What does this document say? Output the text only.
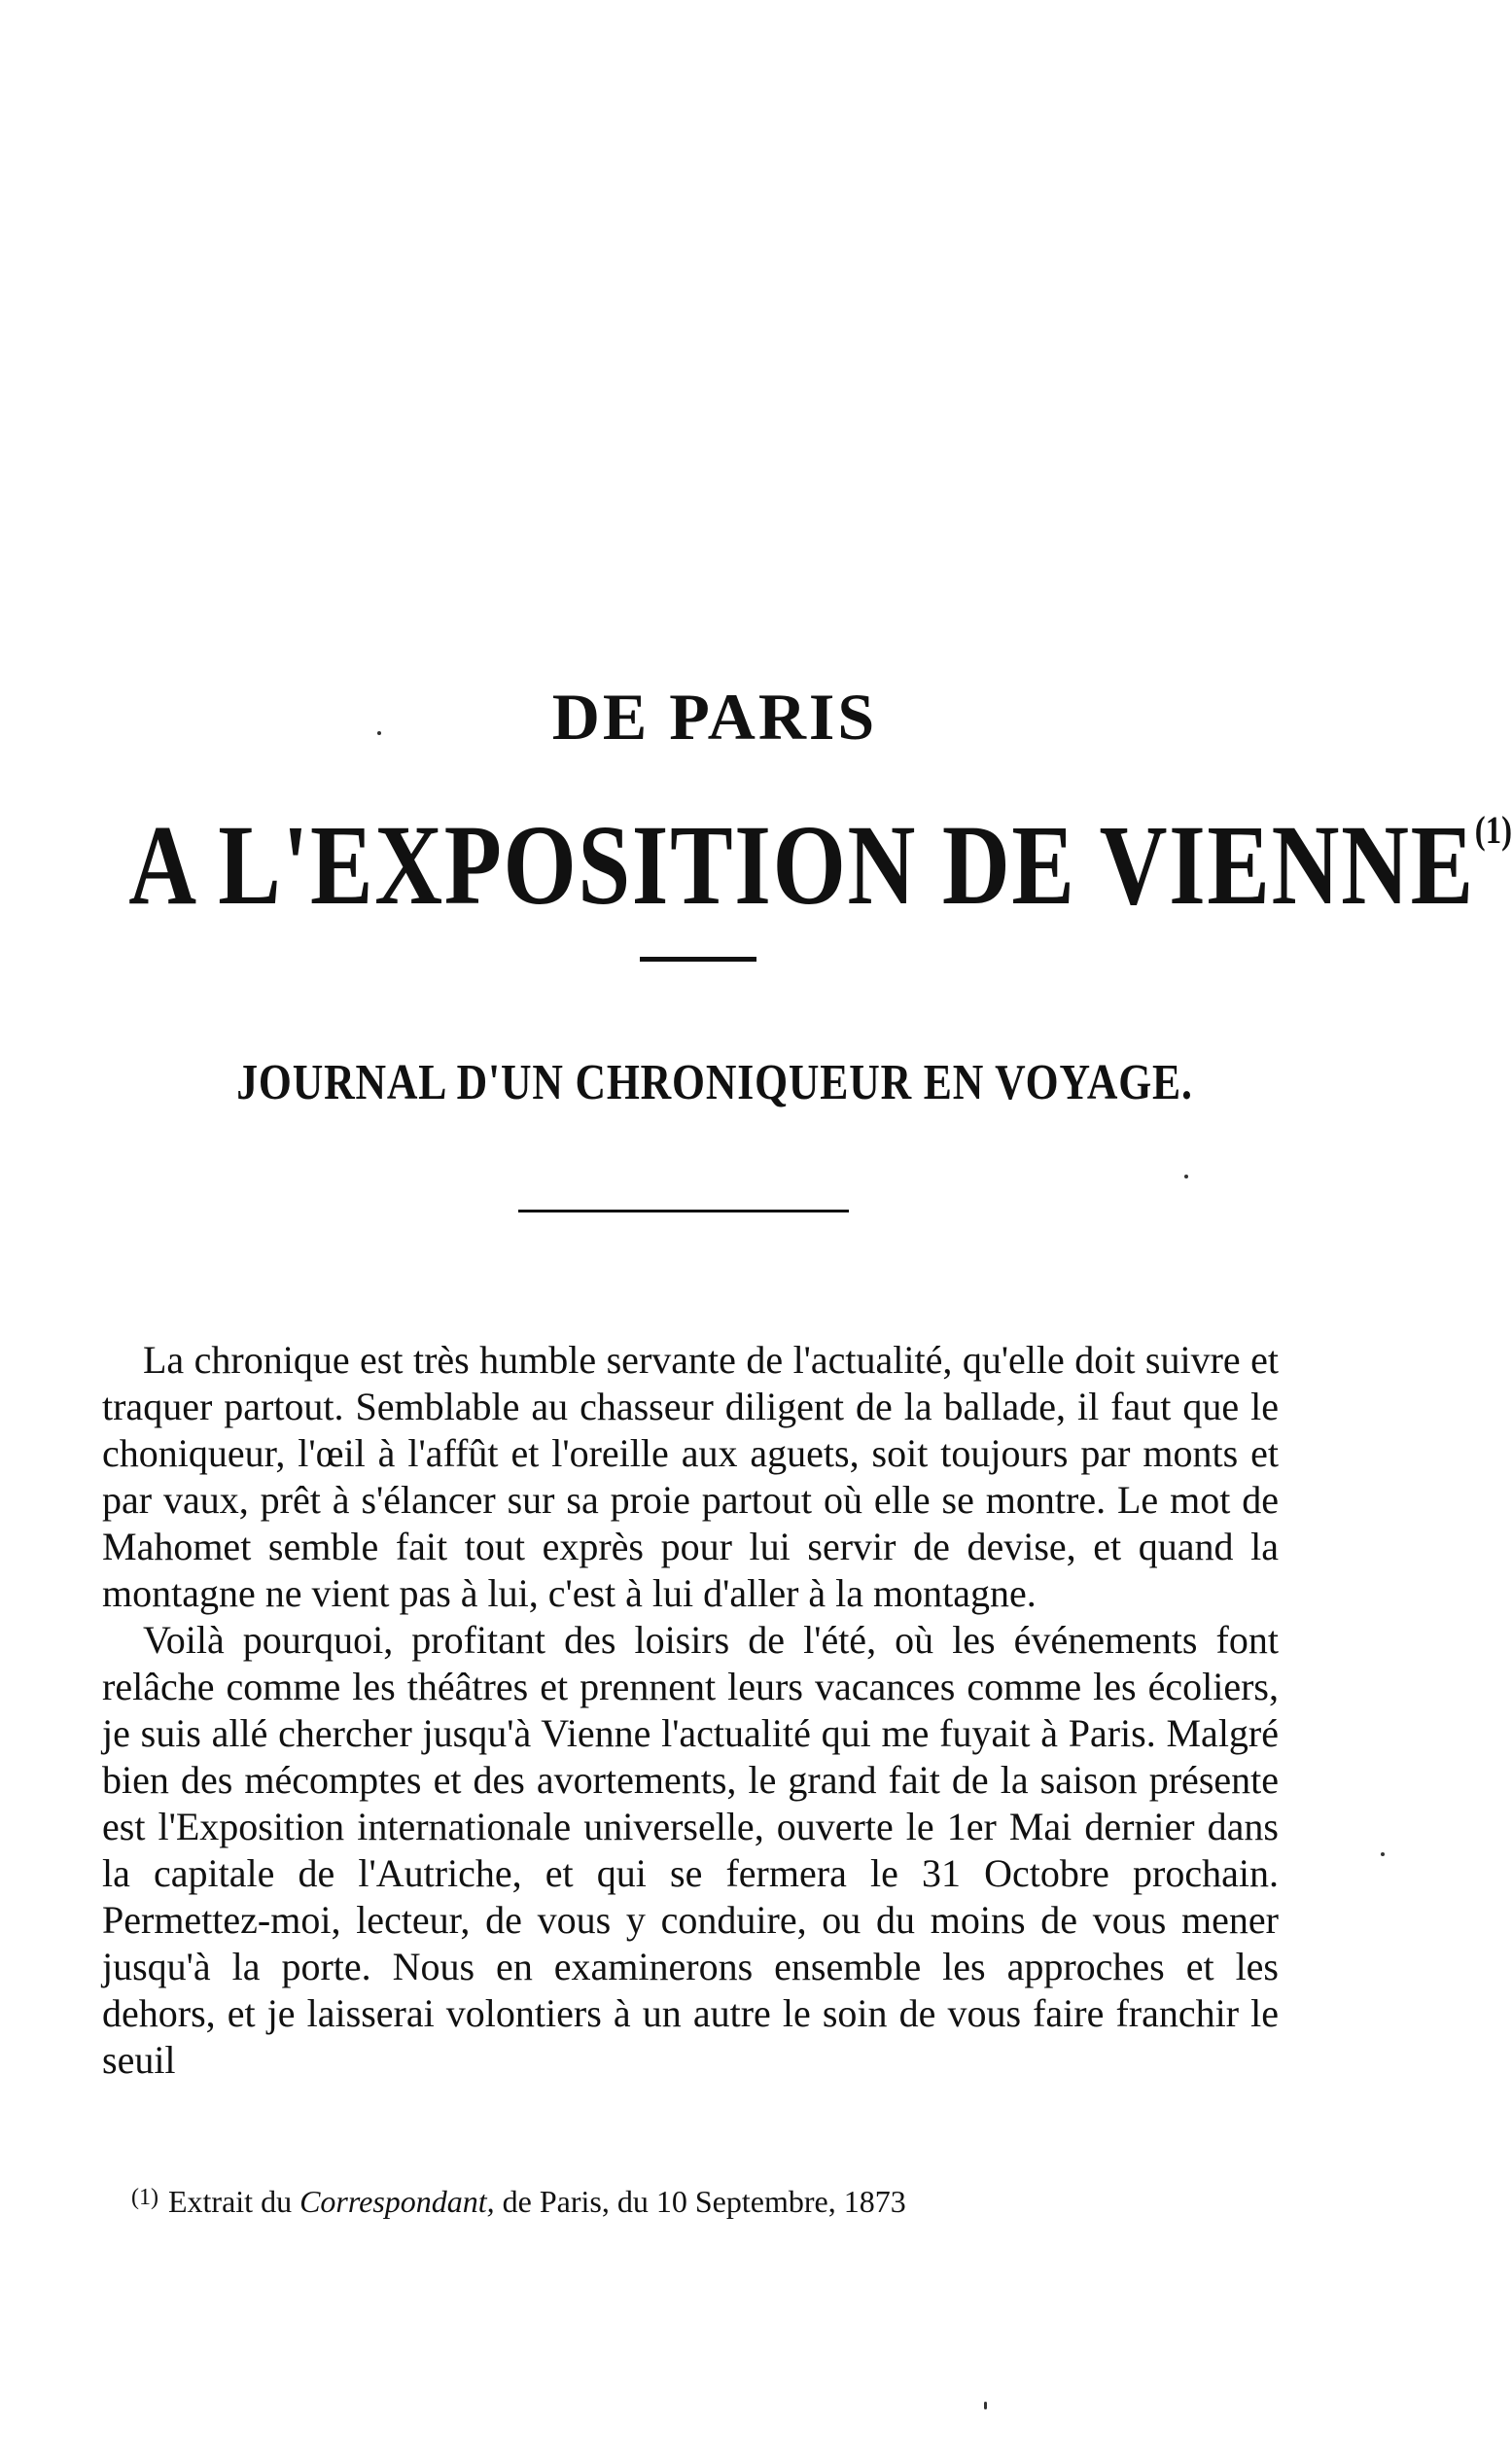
DE PARIS
A L'EXPOSITION DE VIENNE$^{(1)}$
JOURNAL D'UN CHRONIQUEUR EN VOYAGE.

La chronique est très humble servante de l'actualité, qu'elle doit suivre et traquer partout. Semblable au chasseur diligent de la ballade, il faut que le choniqueur, l'œil à l'affût et l'oreille aux aguets, soit toujours par monts et par vaux, prêt à s'élancer sur sa proie partout où elle se montre. Le mot de Mahomet semble fait tout exprès pour lui servir de devise, et quand la montagne ne vient pas à lui, c'est à lui d'aller à la montagne.

Voilà pourquoi, profitant des loisirs de l'été, où les événements font relâche comme les théâtres et prennent leurs vacances comme les écoliers, je suis allé chercher jusqu'à Vienne l'actualité qui me fuyait à Paris. Malgré bien des mécomptes et des avortements, le grand fait de la saison présente est l'Exposition internationale universelle, ouverte le 1er Mai dernier dans la capitale de l'Autriche, et qui se fermera le 31 Octobre prochain. Permettez-moi, lecteur, de vous y conduire, ou du moins de vous mener jusqu'à la porte. Nous en examinerons ensemble les approches et les dehors, et je laisserai volontiers à un autre le soin de vous faire franchir le seuil

$^{(1)}$ Extrait du Correspondant, de Paris, du 10 Septembre, 1873
